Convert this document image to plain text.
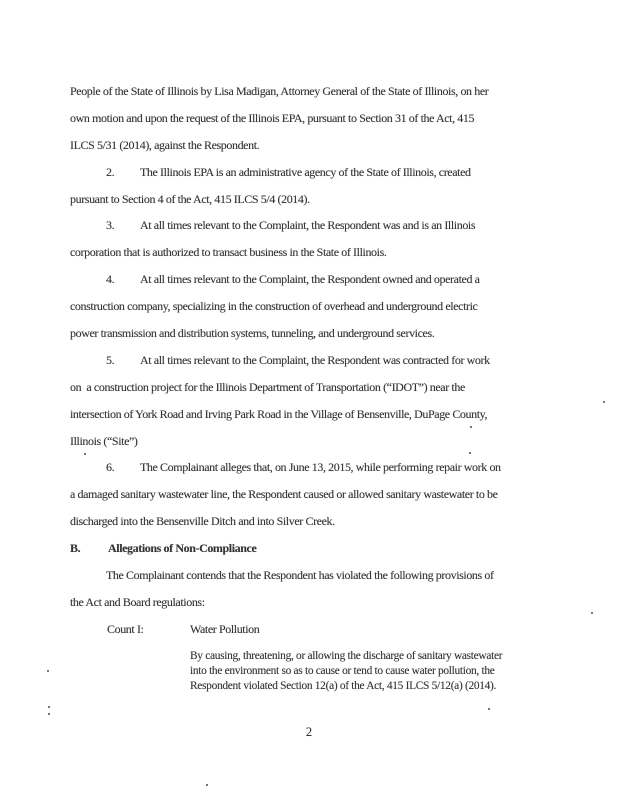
People of the State of Illinois by Lisa Madigan, Attorney General of the State of Illinois, on her
own motion and upon the request of the Illinois EPA, pursuant to Section 31 of the Act, 415
ILCS 5/31 (2014), against the Respondent.
2. The Illinois EPA is an administrative agency of the State of Illinois, created
pursuant to Section 4 of the Act, 415 ILCS 5/4 (2014).
3. At all times relevant to the Complaint, the Respondent was and is an Illinois
corporation that is authorized to transact business in the State of Illinois.
4. At all times relevant to the Complaint, the Respondent owned and operated a
construction company, specializing in the construction of overhead and underground electric
power transmission and distribution systems, tunneling, and underground services.
5. At all times relevant to the Complaint, the Respondent was contracted for work
on  a construction project for the Illinois Department of Transportation (“IDOT”) near the
intersection of York Road and Irving Park Road in the Village of Bensenville, DuPage County,
Illinois (“Site”)
6. The Complainant alleges that, on June 13, 2015, while performing repair work on
a damaged sanitary wastewater line, the Respondent caused or allowed sanitary wastewater to be
discharged into the Bensenville Ditch and into Silver Creek.
B. Allegations of Non-Compliance
The Complainant contends that the Respondent has violated the following provisions of
the Act and Board regulations:
Count I:	Water Pollution
By causing, threatening, or allowing the discharge of sanitary wastewater
into the environment so as to cause or tend to cause water pollution, the
Respondent violated Section 12(a) of the Act, 415 ILCS 5/12(a) (2014).
2
